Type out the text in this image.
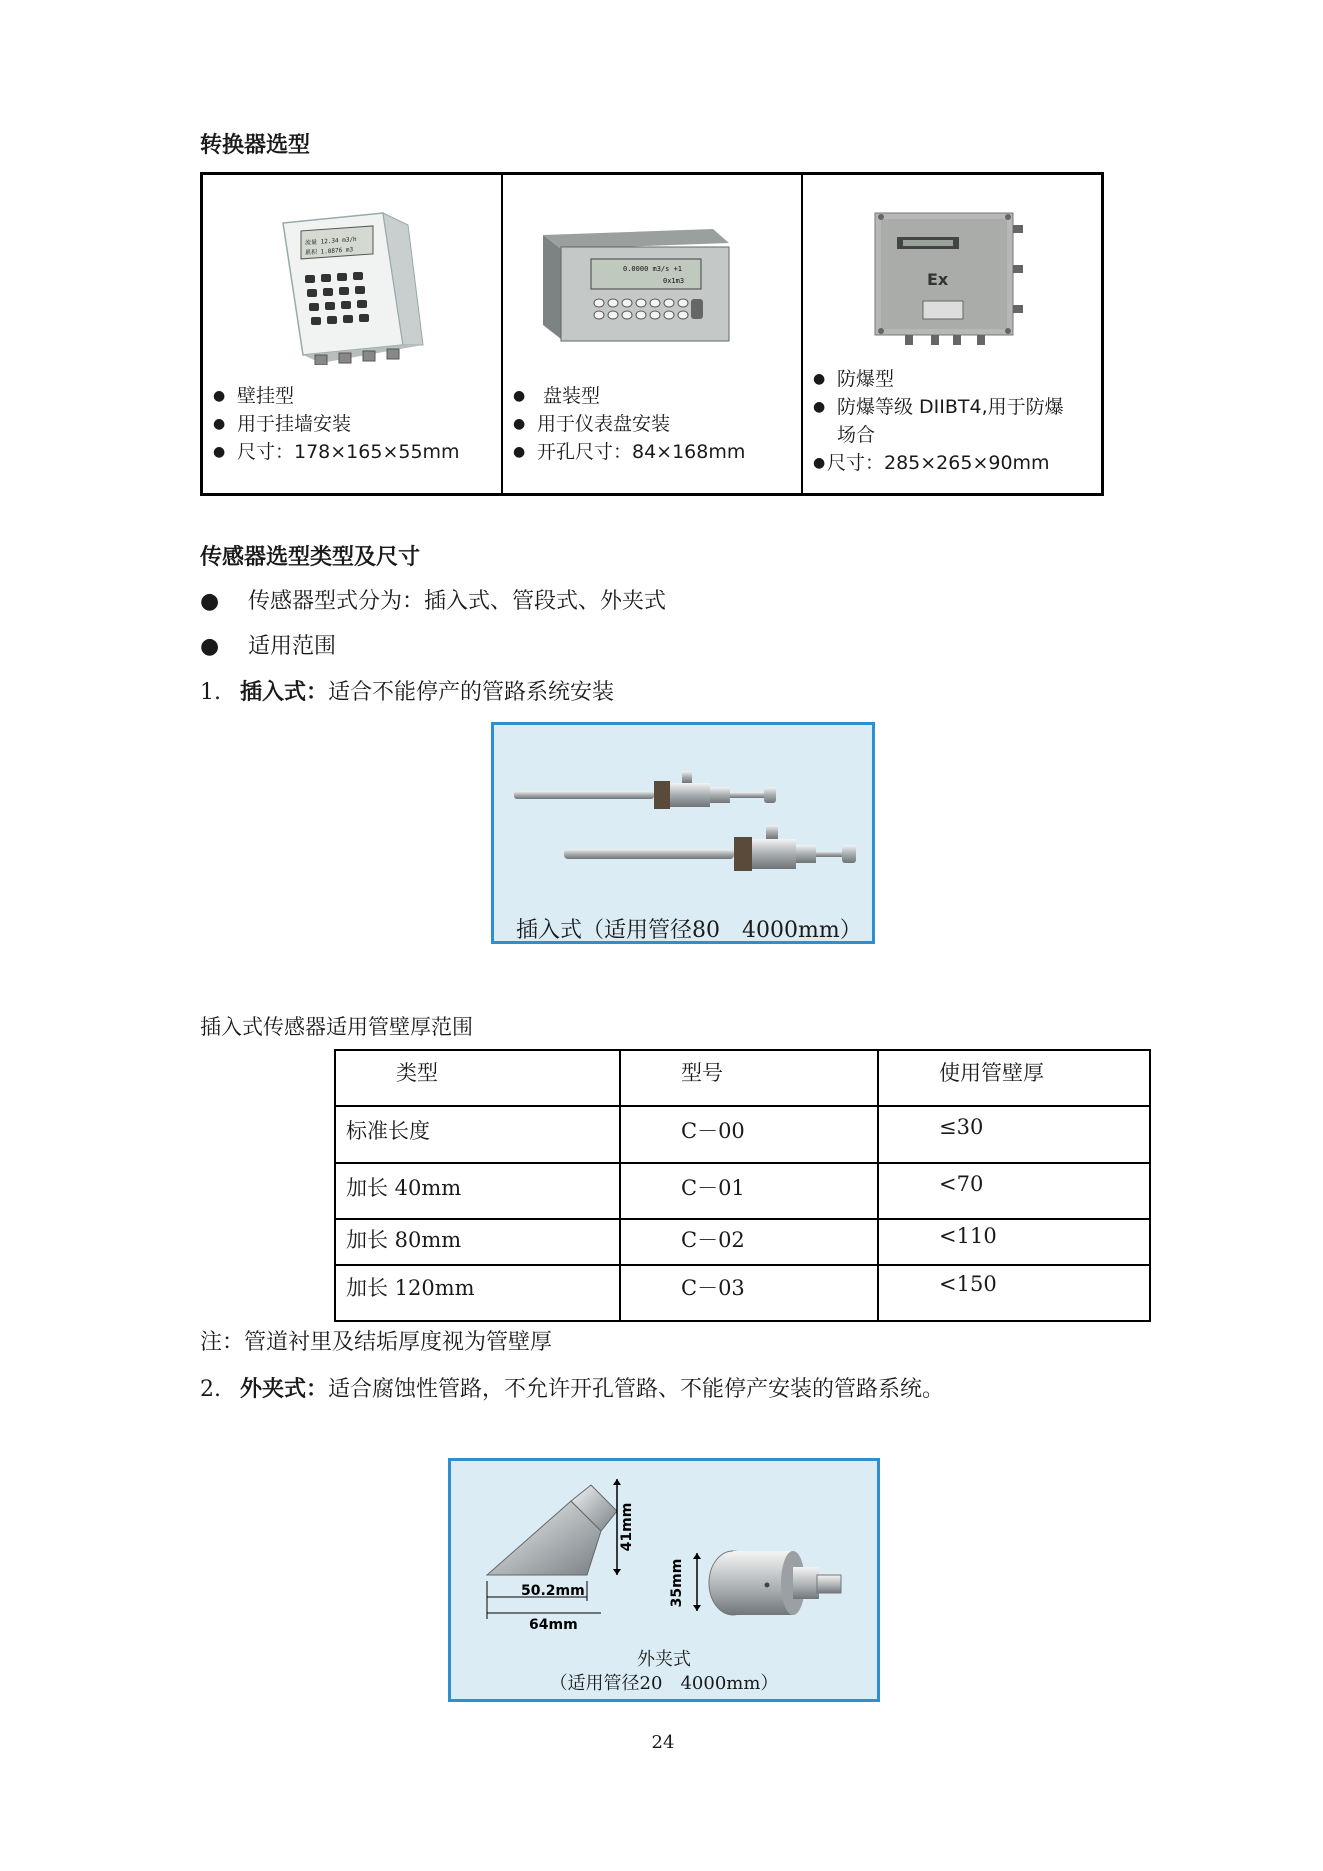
转换器选型
流量 12.34 m3/h
累积 1.0876 m3
● 壁挂型
● 用于挂墙安装
● 尺寸：178×165×55mm
0.0000 m3/s +1
0x1m3
● 盘装型
● 用于仪表盘安装
● 开孔尺寸：84×168mm
Ex
● 防爆型
● 防爆等级 DIIBT4,用于防爆场合
● 尺寸：285×265×90mm
传感器选型类型及尺寸
● 传感器型式分为：插入式、管段式、外夹式
● 适用范围
1. 插入式：适合不能停产的管路系统安装
插入式（适用管径80　4000mm）
插入式传感器适用管壁厚范围
类型	型号	使用管壁厚
标准长度	C－00	≤30
加长 40mm	C－01	<70
加长 80mm	C－02	<110
加长 120mm	C－03	<150
注：管道衬里及结垢厚度视为管壁厚
2. 外夹式：适合腐蚀性管路，不允许开孔管路、不能停产安装的管路系统。
41mm
50.2mm
64mm
35mm
外夹式
（适用管径20　4000mm）
24
